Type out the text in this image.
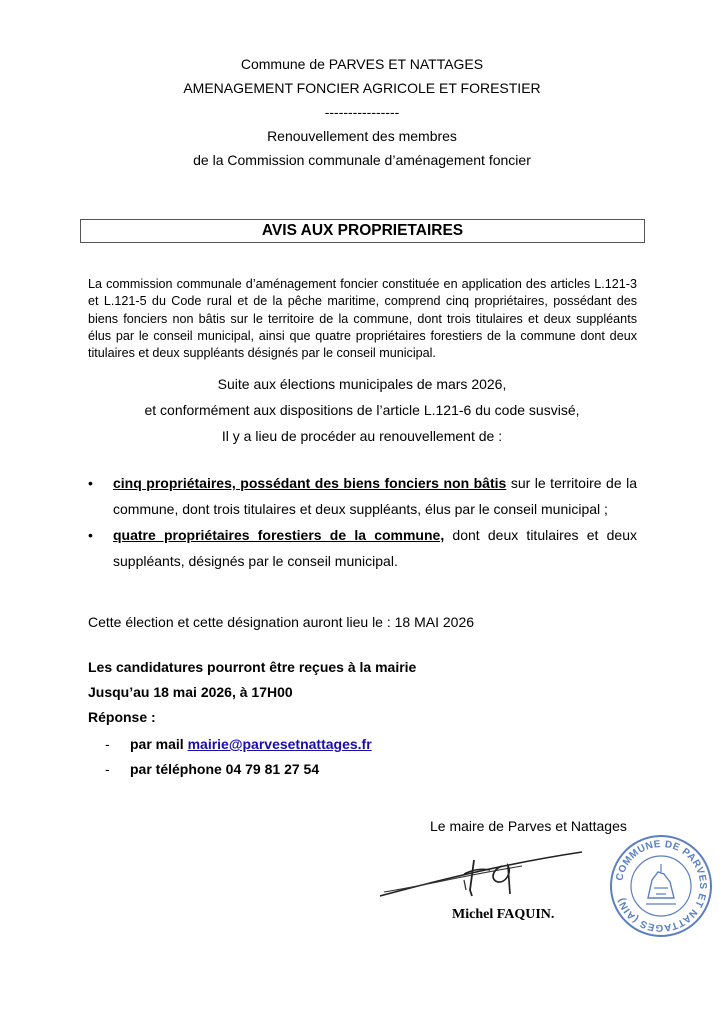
Commune de PARVES ET NATTAGES
AMENAGEMENT FONCIER AGRICOLE ET FORESTIER
----------------
Renouvellement des membres
de la Commission communale d’aménagement foncier
AVIS AUX PROPRIETAIRES
La commission communale d’aménagement foncier constituée en application des articles L.121-3 et L.121-5 du Code rural et de la pêche maritime, comprend cinq propriétaires, possédant des biens fonciers non bâtis sur le territoire de la commune, dont trois titulaires et deux suppléants élus par le conseil municipal, ainsi que quatre propriétaires forestiers de la commune dont deux titulaires et deux suppléants désignés par le conseil municipal.
Suite aux élections municipales de mars 2026,
et conformément aux dispositions de l’article L.121-6 du code susvisé,
Il y a lieu de procéder au renouvellement de :
• cinq propriétaires, possédant des biens fonciers non bâtis sur le territoire de la commune, dont trois titulaires et deux suppléants, élus par le conseil municipal ;
• quatre propriétaires forestiers de la commune, dont deux titulaires et deux suppléants, désignés par le conseil municipal.
Cette élection et cette désignation auront lieu le : 18 MAI 2026
Les candidatures pourront être reçues à la mairie
Jusqu’au 18 mai 2026, à 17H00
Réponse :
- par mail mairie@parvesetnattages.fr
- par téléphone 04 79 81 27 54
Le maire de Parves et Nattages
Michel FAQUIN.
COMMUNE DE PARVES ET NATTAGES (AIN)
